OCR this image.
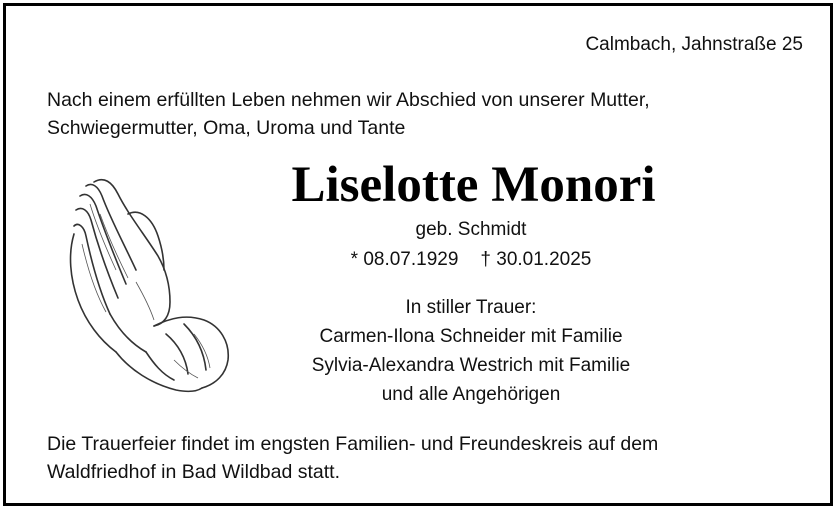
Calmbach, Jahnstraße 25
Nach einem erfüllten Leben nehmen wir Abschied von unserer Mutter,
Schwiegermutter, Oma, Uroma und Tante
Liselotte Monori
geb. Schmidt
* 08.07.1929 † 30.01.2025
In stiller Trauer:
Carmen-Ilona Schneider mit Familie
Sylvia-Alexandra Westrich mit Familie
und alle Angehörigen
Die Trauerfeier findet im engsten Familien- und Freundeskreis auf dem
Waldfriedhof in Bad Wildbad statt.
